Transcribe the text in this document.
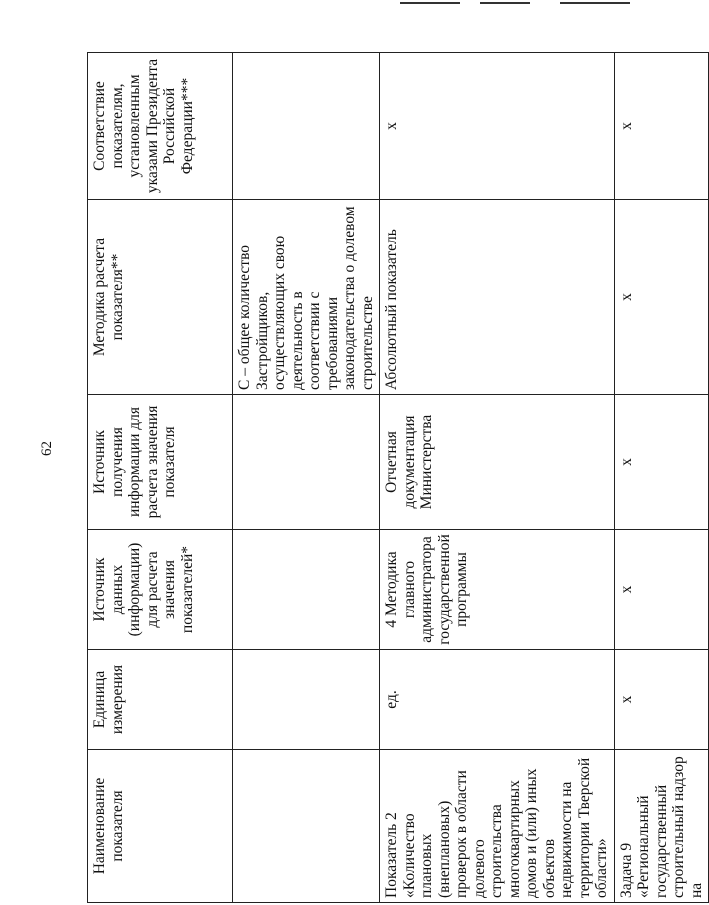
62
Наименование показателя	Единица измерения	Источник данных (информации) для расчета значения показателей*	Источник получения информации для расчета значения показателя	Методика расчета показателя**	Соответствие показателям, установленным указами Президента Российской Федерации***
				С – общее количество Застройщиков, осуществляющих свою деятельность в соответствии с требованиями законодательства о долевом строительстве	
Показатель 2 «Количество плановых (внеплановых) проверок в области долевого строительства многоквартирных домов и (или) иных объектов недвижимости на территории Тверской области»	ед.	4 Методика главного администратора государственной программы	Отчетная документация Министерства	Абсолютный показатель	х
Задача 9 «Региональный государственный строительный надзор на	х	х	х	х	х
